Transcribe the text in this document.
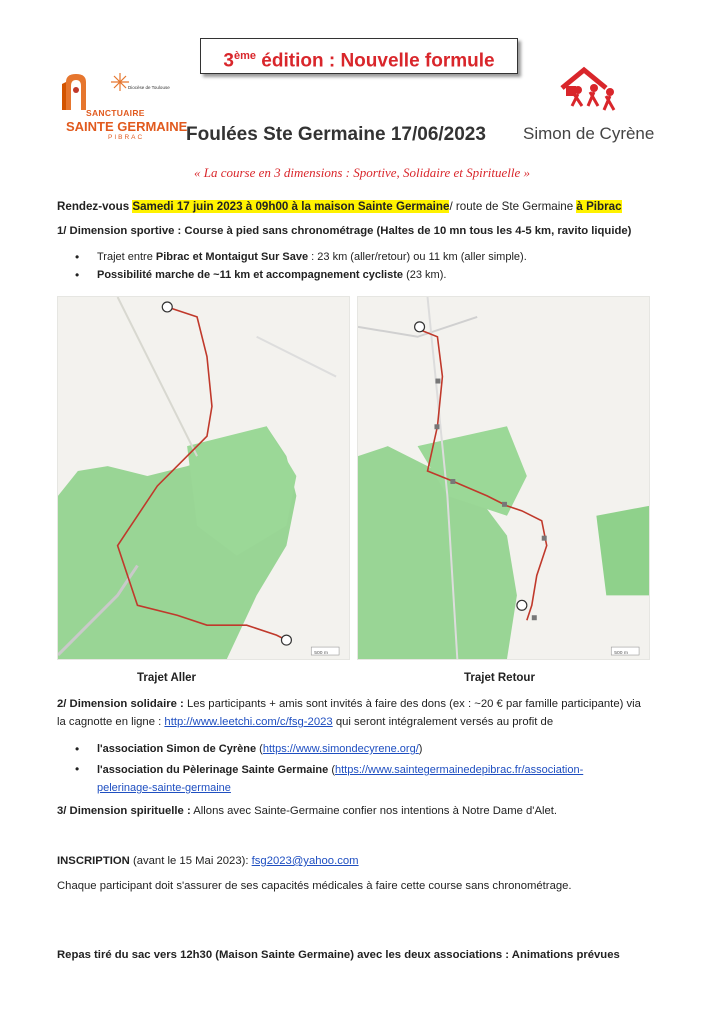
3ème édition : Nouvelle formule
Diocèse de Toulouse
SANCTUAIRE
SAINTE GERMAINE
PIBRAC	Simon de Cyrène
Foulées Ste Germaine 17/06/2023
« La course en 3 dimensions : Sportive, Solidaire et Spirituelle »
Rendez-vous Samedi 17 juin 2023 à 09h00 à la maison Sainte Germaine/ route de Ste Germaine à Pibrac
1/ Dimension sportive : Course à pied sans chronométrage (Haltes de 10 mn tous les 4-5 km, ravito liquide)
• Trajet entre Pibrac et Montaigut Sur Save : 23 km (aller/retour) ou 11 km (aller simple).
• Possibilité marche de ~11 km et accompagnement cycliste (23 km).
500 m	500 m
Trajet Aller	Trajet Retour
2/ Dimension solidaire : Les participants + amis sont invités à faire des dons (ex : ~20 € par famille participante) via
la cagnotte en ligne : http://www.leetchi.com/c/fsg-2023 qui seront intégralement versés au profit de
• l'association Simon de Cyrène (https://www.simondecyrene.org/)
• l'association du Pèlerinage Sainte Germaine (https://www.saintegermainedepibrac.fr/association-
pelerinage-sainte-germaine
3/ Dimension spirituelle : Allons avec Sainte-Germaine confier nos intentions à Notre Dame d'Alet.
INSCRIPTION (avant le 15 Mai 2023): fsg2023@yahoo.com
Chaque participant doit s'assurer de ses capacités médicales à faire cette course sans chronométrage.
Repas tiré du sac vers 12h30 (Maison Sainte Germaine) avec les deux associations : Animations prévues
